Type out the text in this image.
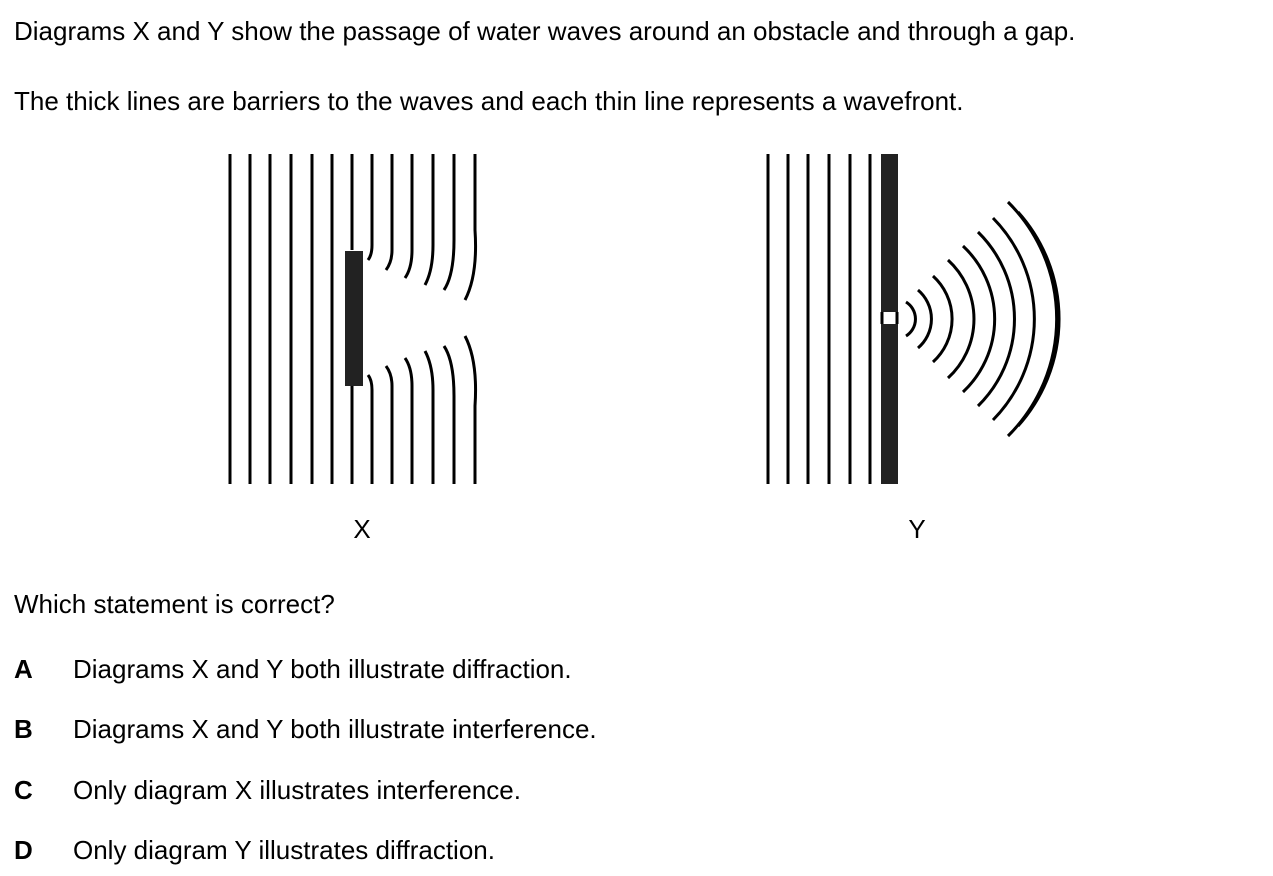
Diagrams X and Y show the passage of water waves around an obstacle and through a gap.
The thick lines are barriers to the waves and each thin line represents a wavefront.
X	Y
Which statement is correct?
A	Diagrams X and Y both illustrate diffraction.
B	Diagrams X and Y both illustrate interference.
C	Only diagram X illustrates interference.
D	Only diagram Y illustrates diffraction.
